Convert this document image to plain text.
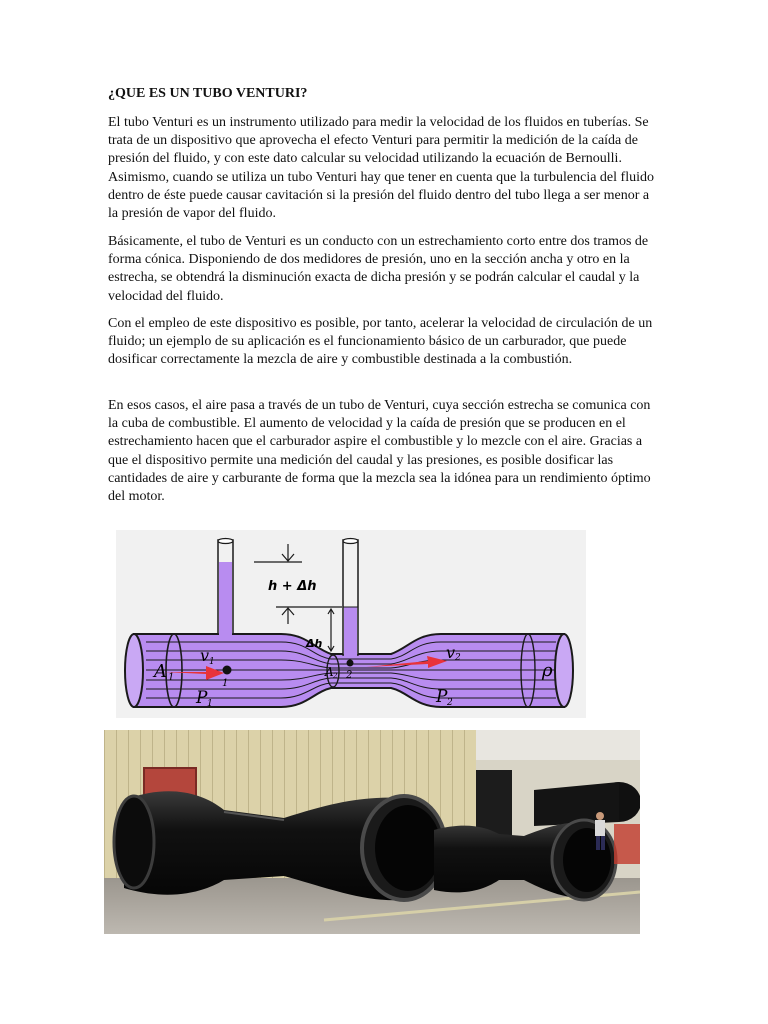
¿QUE ES UN TUBO VENTURI?

El tubo Venturi es un instrumento utilizado para medir la velocidad de los fluidos en tuberías. Se trata de un dispositivo que aprovecha el efecto Venturi para permitir la medición de la caída de presión del fluido, y con este dato calcular su velocidad utilizando la ecuación de Bernoulli. Asimismo, cuando se utiliza un tubo Venturi hay que tener en cuenta que la turbulencia del fluido dentro de éste puede causar cavitación si la presión del fluido dentro del tubo llega a ser menor a la presión de vapor del fluido.

Básicamente, el tubo de Venturi es un conducto con un estrechamiento corto entre dos tramos de forma cónica. Disponiendo de dos medidores de presión, uno en la sección ancha y otro en la estrecha, se obtendrá la disminución exacta de dicha presión y se podrán calcular el caudal y la velocidad del fluido.

Con el empleo de este dispositivo es posible, por tanto, acelerar la velocidad de circulación de un fluido; un ejemplo de su aplicación es el funcionamiento básico de un carburador, que puede dosificar correctamente la mezcla de aire y combustible destinada a la combustión.

En esos casos, el aire pasa a través de un tubo de Venturi, cuya sección estrecha se comunica con la cuba de combustible. El aumento de velocidad y la caída de presión que se producen en el estrechamiento hacen que el carburador aspire el combustible y lo mezcle con el aire. Gracias a que el dispositivo permite una medición del caudal y las presiones, es posible dosificar las cantidades de aire y carburante de forma que la mezcla sea la idónea para un rendimiento óptimo del motor.

h + Δh
Δh
A 1
v 1
1
P 1
A 2 2
v 2
P 2
ρ
